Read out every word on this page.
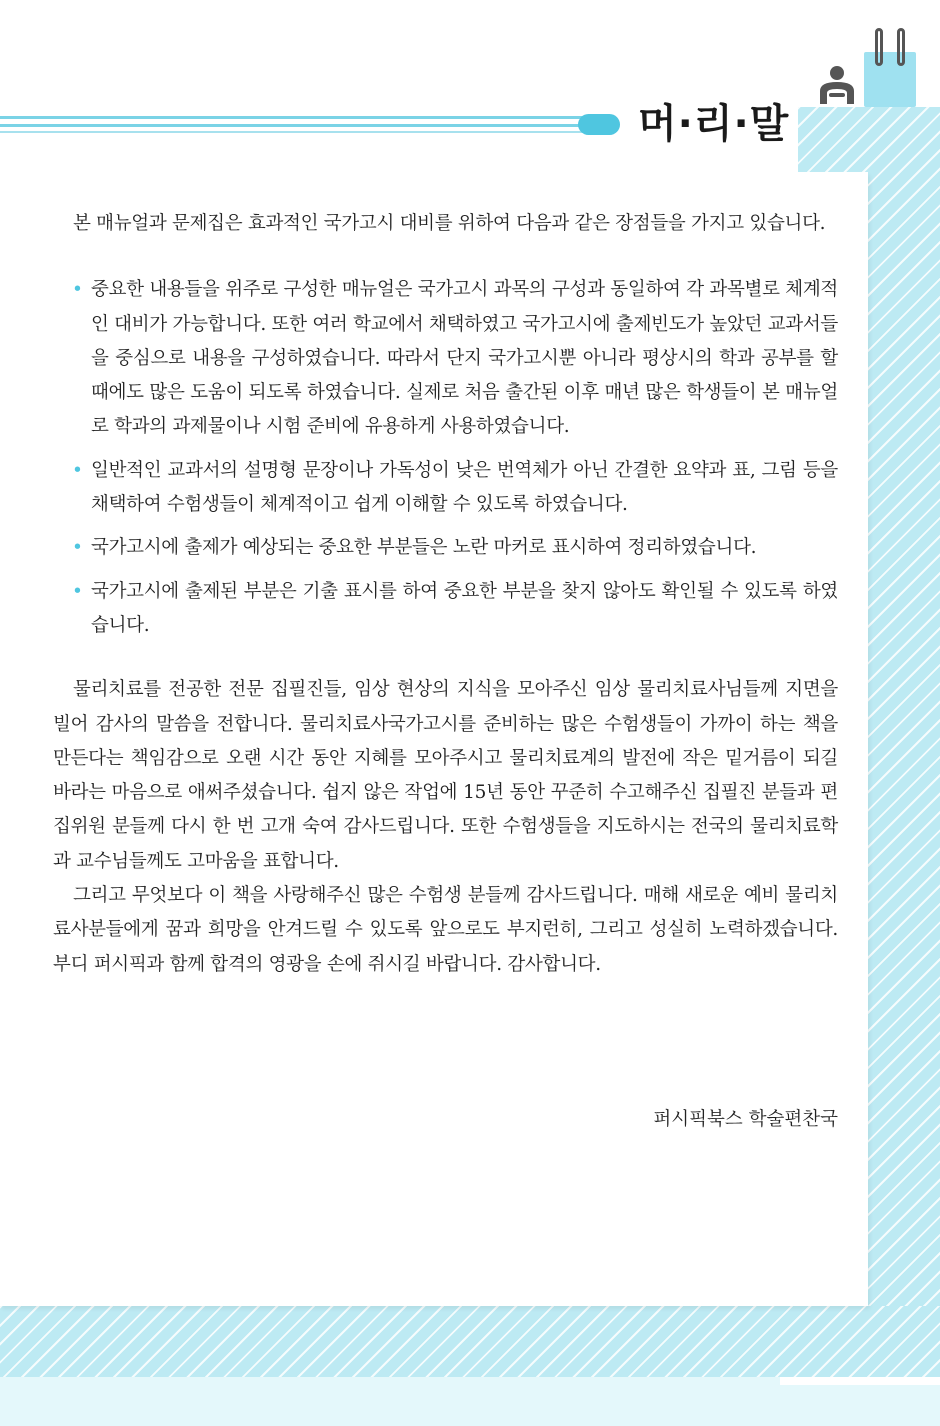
머·리·말

본 매뉴얼과 문제집은 효과적인 국가고시 대비를 위하여 다음과 같은 장점들을 가지고 있습니다.

• 중요한 내용들을 위주로 구성한 매뉴얼은 국가고시 과목의 구성과 동일하여 각 과목별로 체계적인 대비가 가능합니다. 또한 여러 학교에서 채택하였고 국가고시에 출제빈도가 높았던 교과서들을 중심으로 내용을 구성하였습니다. 따라서 단지 국가고시뿐 아니라 평상시의 학과 공부를 할 때에도 많은 도움이 되도록 하였습니다. 실제로 처음 출간된 이후 매년 많은 학생들이 본 매뉴얼로 학과의 과제물이나 시험 준비에 유용하게 사용하였습니다.
• 일반적인 교과서의 설명형 문장이나 가독성이 낮은 번역체가 아닌 간결한 요약과 표, 그림 등을 채택하여 수험생들이 체계적이고 쉽게 이해할 수 있도록 하였습니다.
• 국가고시에 출제가 예상되는 중요한 부분들은 노란 마커로 표시하여 정리하였습니다.
• 국가고시에 출제된 부분은 기출 표시를 하여 중요한 부분을 찾지 않아도 확인될 수 있도록 하였습니다.

물리치료를 전공한 전문 집필진들, 임상 현상의 지식을 모아주신 임상 물리치료사님들께 지면을 빌어 감사의 말씀을 전합니다. 물리치료사국가고시를 준비하는 많은 수험생들이 가까이 하는 책을 만든다는 책임감으로 오랜 시간 동안 지혜를 모아주시고 물리치료계의 발전에 작은 밑거름이 되길 바라는 마음으로 애써주셨습니다. 쉽지 않은 작업에 15년 동안 꾸준히 수고해주신 집필진 분들과 편집위원 분들께 다시 한 번 고개 숙여 감사드립니다. 또한 수험생들을 지도하시는 전국의 물리치료학과 교수님들께도 고마움을 표합니다.

그리고 무엇보다 이 책을 사랑해주신 많은 수험생 분들께 감사드립니다. 매해 새로운 예비 물리치료사분들에게 꿈과 희망을 안겨드릴 수 있도록 앞으로도 부지런히, 그리고 성실히 노력하겠습니다. 부디 퍼시픽과 함께 합격의 영광을 손에 쥐시길 바랍니다. 감사합니다.

퍼시픽북스 학술편찬국
